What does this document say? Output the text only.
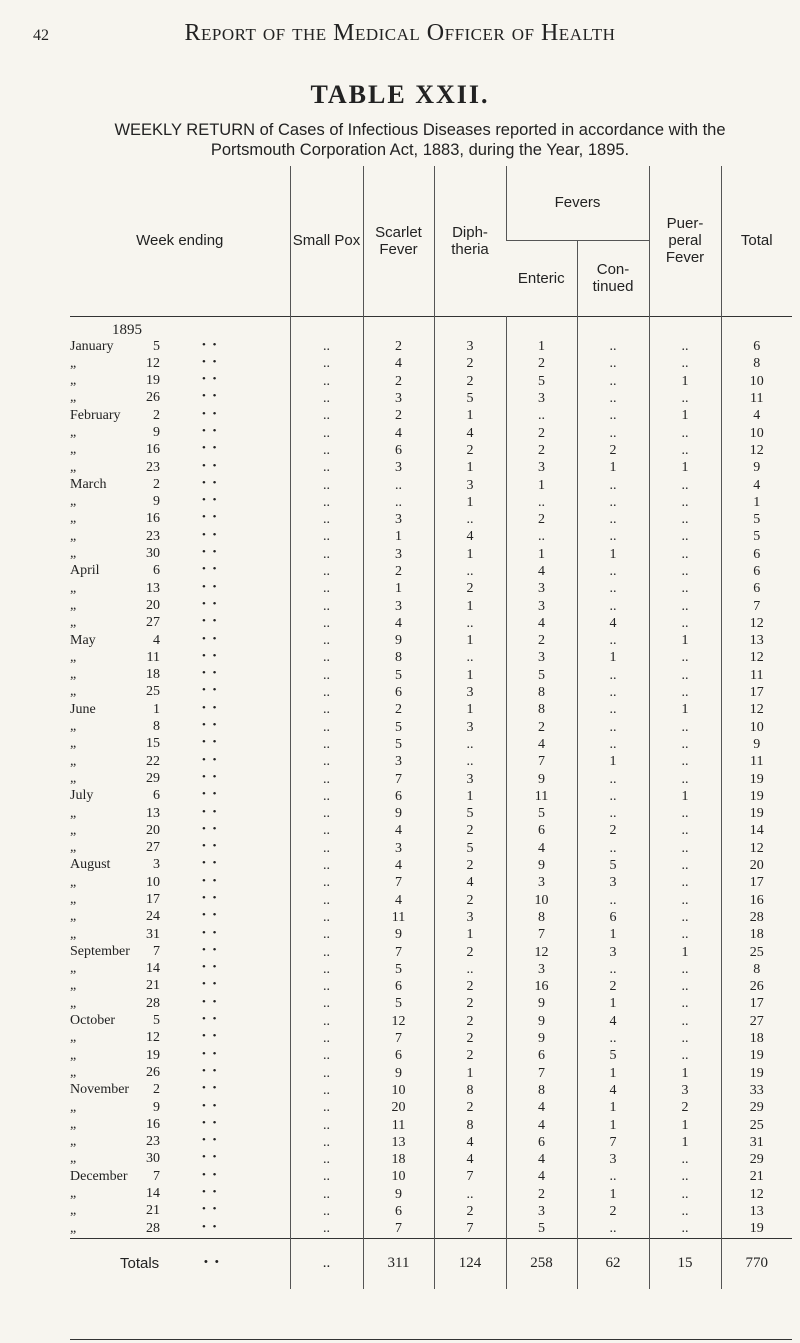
42	Report of the Medical Officer of Health
TABLE XXII.
WEEKLY RETURN of Cases of Infectious Diseases reported in accordance with the Portsmouth Corporation Act, 1883, during the Year, 1895.
Week ending	Small Pox	Scarlet Fever	Diph- theria	Fevers		Puer- peral Fever	Total
				Enteric	Con- tinued		

1895							

January 5 • •	..	2	3	1	..	..	6

„ 12 • •	..	4	2	2	..	..	8

„ 19 • •	..	2	2	5	..	1	10

„ 26 • •	..	3	5	3	..	..	11

February 2 • •	..	2	1	..	..	1	4

„ 9 • •	..	4	4	2	..	..	10

„ 16 • •	..	6	2	2	2	..	12

„ 23 • •	..	3	1	3	1	1	9

March 2 • •	..	..	3	1	..	..	4

„ 9 • •	..	..	1	..	..	..	1

„ 16 • •	..	3	..	2	..	..	5

„ 23 • •	..	1	4	..	..	..	5

„ 30 • •	..	3	1	1	1	..	6

April 6 • •	..	2	..	4	..	..	6

„ 13 • •	..	1	2	3	..	..	6

„ 20 • •	..	3	1	3	..	..	7

„ 27 • •	..	4	..	4	4	..	12

May 4 • •	..	9	1	2	..	1	13

„ 11 • •	..	8	..	3	1	..	12

„ 18 • •	..	5	1	5	..	..	11

„ 25 • •	..	6	3	8	..	..	17

June 1 • •	..	2	1	8	..	1	12

„ 8 • •	..	5	3	2	..	..	10

„ 15 • •	..	5	..	4	..	..	9

„ 22 • •	..	3	..	7	1	..	11

„ 29 • •	..	7	3	9	..	..	19

July 6 • •	..	6	1	11	..	1	19

„ 13 • •	..	9	5	5	..	..	19

„ 20 • •	..	4	2	6	2	..	14

„ 27 • •	..	3	5	4	..	..	12

August 3 • •	..	4	2	9	5	..	20

„ 10 • •	..	7	4	3	3	..	17

„ 17 • •	..	4	2	10	..	..	16

„ 24 • •	..	11	3	8	6	..	28

„ 31 • •	..	9	1	7	1	..	18

September 7 • •	..	7	2	12	3	1	25

„ 14 • •	..	5	..	3	..	..	8

„ 21 • •	..	6	2	16	2	..	26

„ 28 • •	..	5	2	9	1	..	17

October 5 • •	..	12	2	9	4	..	27

„ 12 • •	..	7	2	9	..	..	18

„ 19 • •	..	6	2	6	5	..	19

„ 26 • •	..	9	1	7	1	1	19

November 2 • •	..	10	8	8	4	3	33

„ 9 • •	..	20	2	4	1	2	29

„ 16 • •	..	11	8	4	1	1	25

„ 23 • •	..	13	4	6	7	1	31

„ 30 • •	..	18	4	4	3	..	29

December 7 • •	..	10	7	4	..	..	21

„ 14 • •	..	9	..	2	1	..	12

„ 21 • •	..	6	2	3	2	..	13

„ 28 • •	..	7	7	5	..	..	19

Totals • •	..	311	124	258	62	15	770
